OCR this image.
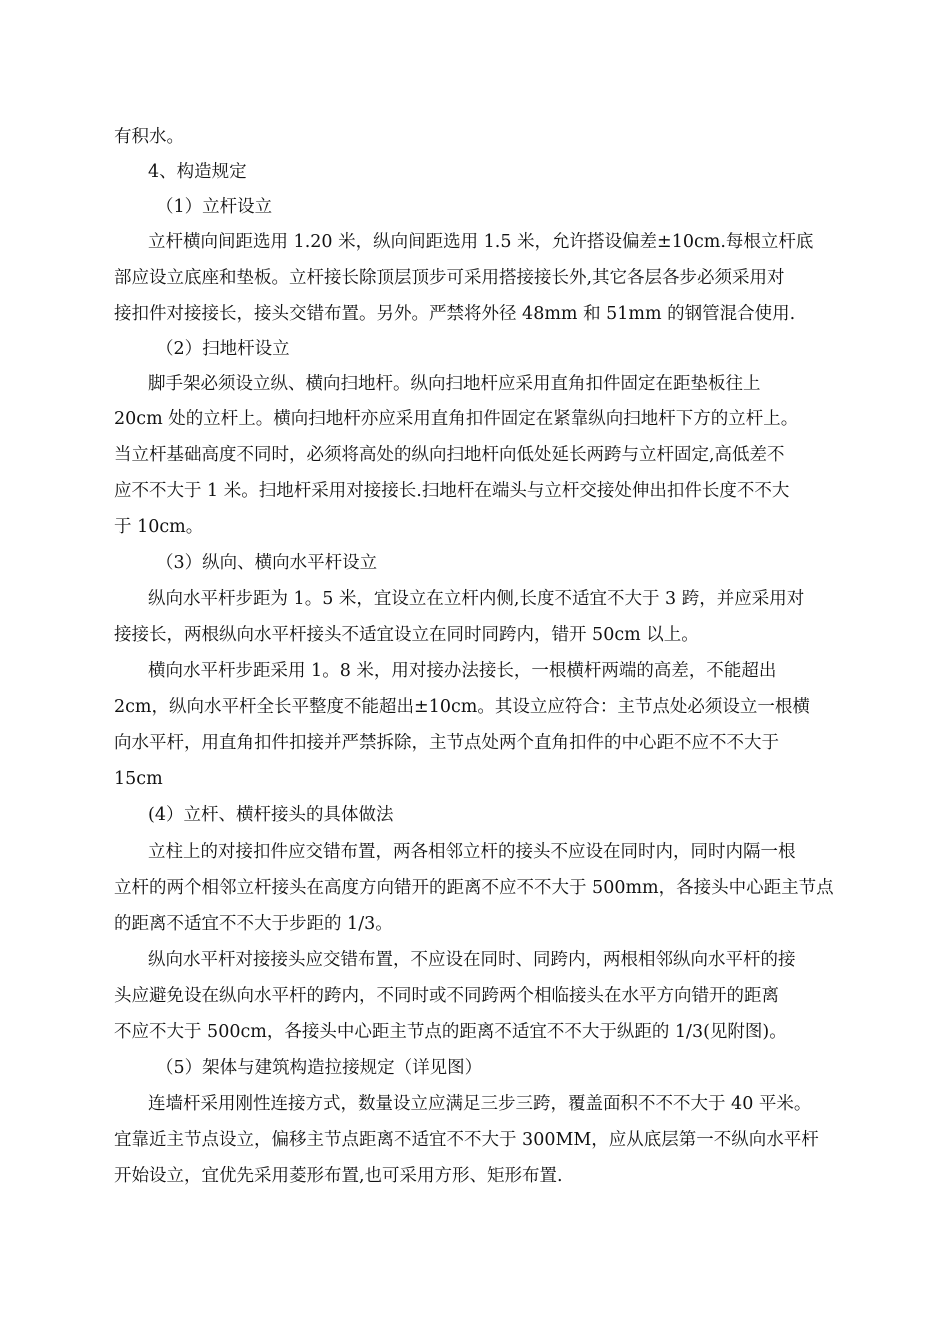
有积水。
4、构造规定
（1）立杆设立
立杆横向间距选用 1.20 米，纵向间距选用 1.5 米，允许搭设偏差±10cm.每根立杆底
部应设立底座和垫板。立杆接长除顶层顶步可采用搭接接长外,其它各层各步必须采用对
接扣件对接接长，接头交错布置。另外。严禁将外径 48mm 和 51mm 的钢管混合使用.
（2）扫地杆设立
脚手架必须设立纵、横向扫地杆。纵向扫地杆应采用直角扣件固定在距垫板往上
20cm 处的立杆上。横向扫地杆亦应采用直角扣件固定在紧靠纵向扫地杆下方的立杆上。
当立杆基础高度不同时，必须将高处的纵向扫地杆向低处延长两跨与立杆固定,高低差不
应不不大于 1 米。扫地杆采用对接接长.扫地杆在端头与立杆交接处伸出扣件长度不不大
于 10cm。
（3）纵向、横向水平杆设立
纵向水平杆步距为 1。5 米，宜设立在立杆内侧,长度不适宜不大于 3 跨，并应采用对
接接长，两根纵向水平杆接头不适宜设立在同时同跨内，错开 50cm 以上。
横向水平杆步距采用 1。8 米，用对接办法接长，一根横杆两端的高差，不能超出
2cm，纵向水平杆全长平整度不能超出±10cm。其设立应符合：主节点处必须设立一根横
向水平杆，用直角扣件扣接并严禁拆除，主节点处两个直角扣件的中心距不应不不大于
15cm
(4）立杆、横杆接头的具体做法
立柱上的对接扣件应交错布置，两各相邻立杆的接头不应设在同时内，同时内隔一根
立杆的两个相邻立杆接头在高度方向错开的距离不应不不大于 500mm，各接头中心距主节点
的距离不适宜不不大于步距的 1/3。
纵向水平杆对接接头应交错布置，不应设在同时、同跨内，两根相邻纵向水平杆的接
头应避免设在纵向水平杆的跨内，不同时或不同跨两个相临接头在水平方向错开的距离
不应不大于 500cm，各接头中心距主节点的距离不适宜不不大于纵距的 1/3(见附图)。
（5）架体与建筑构造拉接规定（详见图）
连墙杆采用刚性连接方式，数量设立应满足三步三跨，覆盖面积不不不大于 40 平米。
宜靠近主节点设立，偏移主节点距离不适宜不不大于 300MM，应从底层第一不纵向水平杆
开始设立，宜优先采用菱形布置,也可采用方形、矩形布置.
